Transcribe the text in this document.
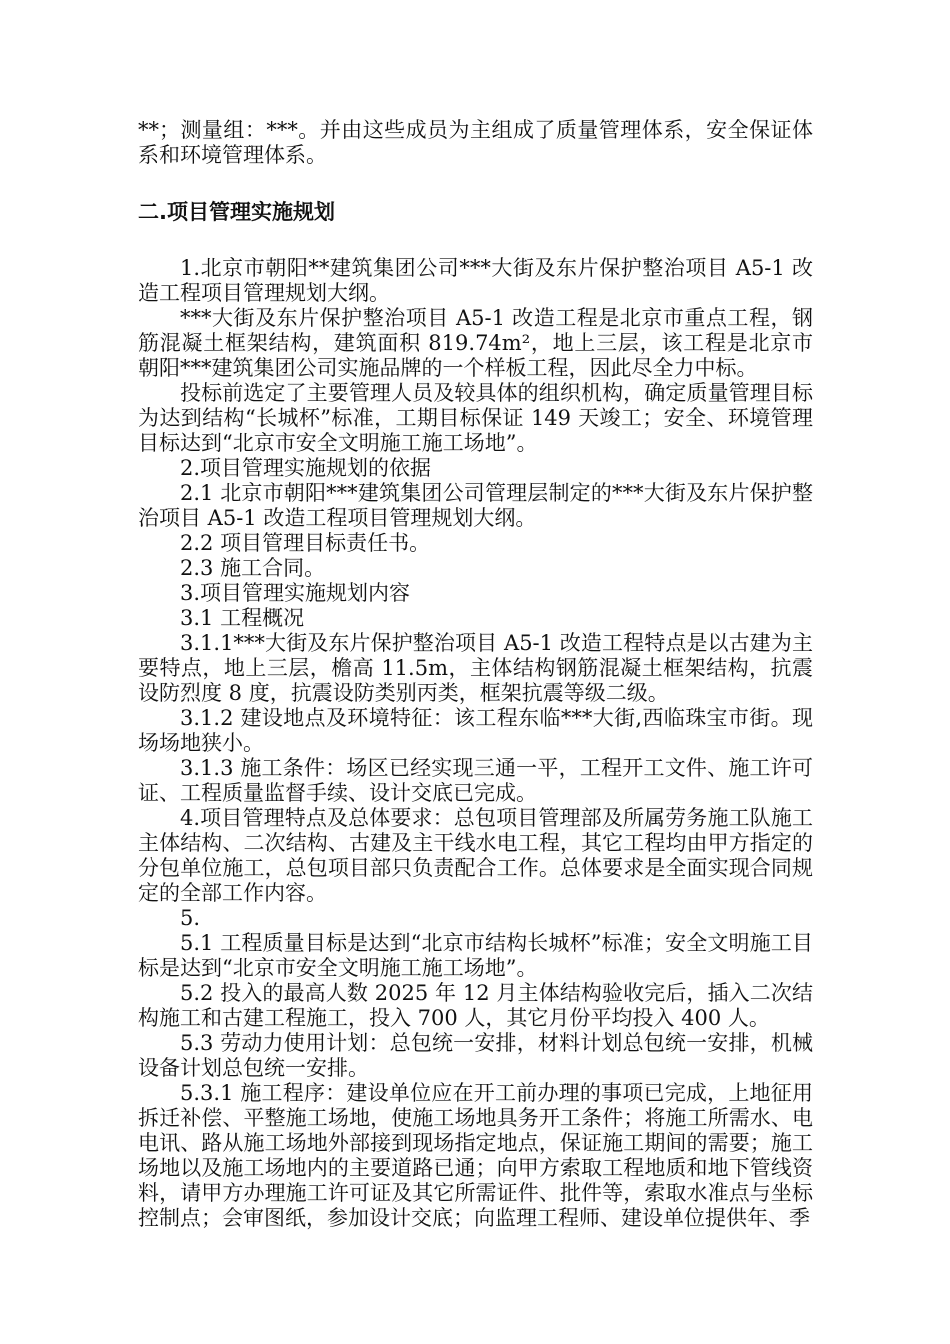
**；测量组：***。并由这些成员为主组成了质量管理体系，安全保证体系和环境管理体系。

二.项目管理实施规划

1.北京市朝阳**建筑集团公司***大街及东片保护整治项目 A5-1 改造工程项目管理规划大纲。

***大街及东片保护整治项目 A5-1 改造工程是北京市重点工程，钢筋混凝土框架结构，建筑面积 819.74m²，地上三层，该工程是北京市朝阳***建筑集团公司实施品牌的一个样板工程，因此尽全力中标。

投标前选定了主要管理人员及较具体的组织机构，确定质量管理目标为达到结构“长城杯”标准，工期目标保证 149 天竣工；安全、环境管理目标达到“北京市安全文明施工施工场地”。

2.项目管理实施规划的依据

2.1 北京市朝阳***建筑集团公司管理层制定的***大街及东片保护整治项目 A5-1 改造工程项目管理规划大纲。

2.2 项目管理目标责任书。

2.3 施工合同。

3.项目管理实施规划内容

3.1 工程概况

3.1.1***大街及东片保护整治项目 A5-1 改造工程特点是以古建为主要特点，地上三层，檐高 11.5m，主体结构钢筋混凝土框架结构，抗震设防烈度 8 度，抗震设防类别丙类，框架抗震等级二级。

3.1.2 建设地点及环境特征：该工程东临***大街,西临珠宝市街。现场场地狭小。

3.1.3 施工条件：场区已经实现三通一平，工程开工文件、施工许可证、工程质量监督手续、设计交底已完成。

4.项目管理特点及总体要求：总包项目管理部及所属劳务施工队施工主体结构、二次结构、古建及主干线水电工程，其它工程均由甲方指定的分包单位施工，总包项目部只负责配合工作。总体要求是全面实现合同规定的全部工作内容。

5.

5.1 工程质量目标是达到“北京市结构长城杯”标准；安全文明施工目标是达到“北京市安全文明施工施工场地”。

5.2 投入的最高人数 2025 年 12 月主体结构验收完后，插入二次结构施工和古建工程施工，投入 700 人，其它月份平均投入 400 人。

5.3 劳动力使用计划：总包统一安排，材料计划总包统一安排，机械设备计划总包统一安排。

5.3.1 施工程序：建设单位应在开工前办理的事项已完成，上地征用拆迁补偿、平整施工场地，使施工场地具务开工条件；将施工所需水、电电讯、路从施工场地外部接到现场指定地点，保证施工期间的需要；施工场地以及施工场地内的主要道路已通；向甲方索取工程地质和地下管线资料，请甲方办理施工许可证及其它所需证件、批件等，索取水准点与坐标控制点；会审图纸，参加设计交底；向监理工程师、建设单位提供年、季
